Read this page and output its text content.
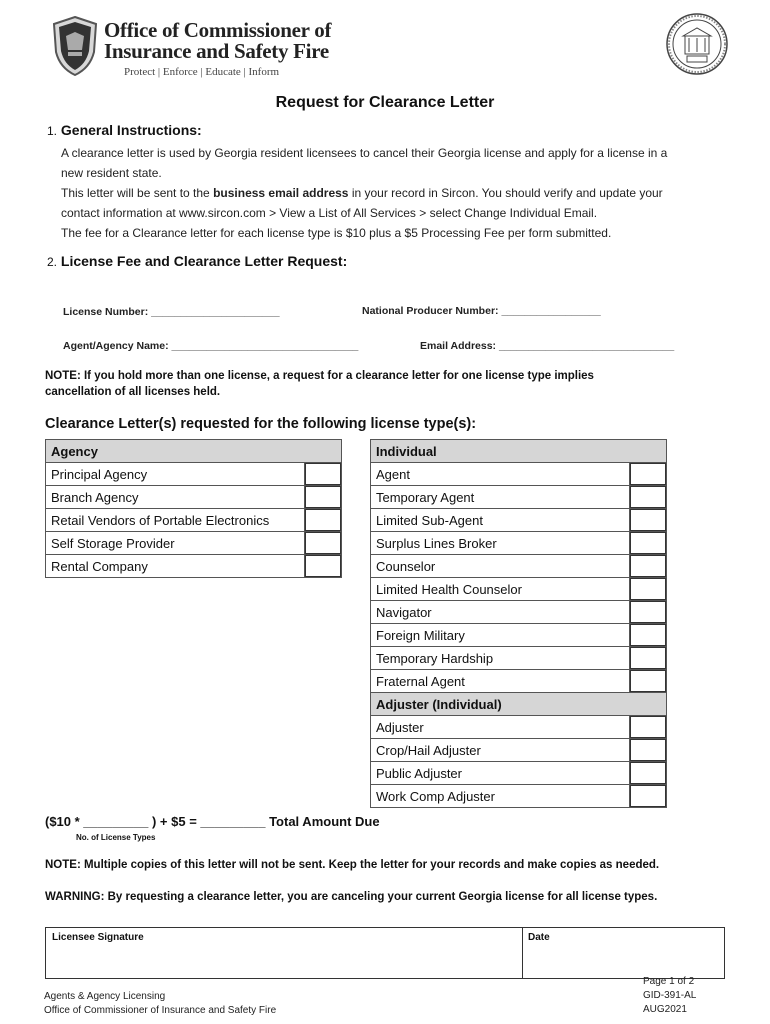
Office of Commissioner of
Insurance and Safety Fire
Protect | Enforce | Educate | Inform
Request for Clearance Letter
1. General Instructions:
A clearance letter is used by Georgia resident licensees to cancel their Georgia license and apply for a license in a
new resident state.
This letter will be sent to the business email address in your record in Sircon. You should verify and update your
contact information at www.sircon.com > View a List of All Services > select Change Individual Email.
The fee for a Clearance letter for each license type is $10 plus a $5 Processing Fee per form submitted.
2. License Fee and Clearance Letter Request:
License Number: ______________________	National Producer Number: _________________
Agent/Agency Name: ________________________________	Email Address: ______________________________
NOTE: If you hold more than one license, a request for a clearance letter for one license type implies
cancellation of all licenses held.
Clearance Letter(s) requested for the following license type(s):
Agency	
Principal Agency	

Branch Agency	

Retail Vendors of Portable Electronics	

Self Storage Provider	

Rental Company	
Individual	
Agent	

Temporary Agent	

Limited Sub-Agent	

Surplus Lines Broker	

Counselor	

Limited Health Counselor	

Navigator	

Foreign Military	

Temporary Hardship	

Fraternal Agent	

Adjuster (Individual)	
Adjuster	

Crop/Hail Adjuster	

Public Adjuster	

Work Comp Adjuster	
($10 * _________ ) + $5 = _________ Total Amount Due
No. of License Types
NOTE: Multiple copies of this letter will not be sent. Keep the letter for your records and make copies as needed.
WARNING: By requesting a clearance letter, you are canceling your current Georgia license for all license types.
Licensee Signature	Date
Agents & Agency Licensing
Office of Commissioner of Insurance and Safety Fire
Page 1 of 2
GID-391-AL
AUG2021
